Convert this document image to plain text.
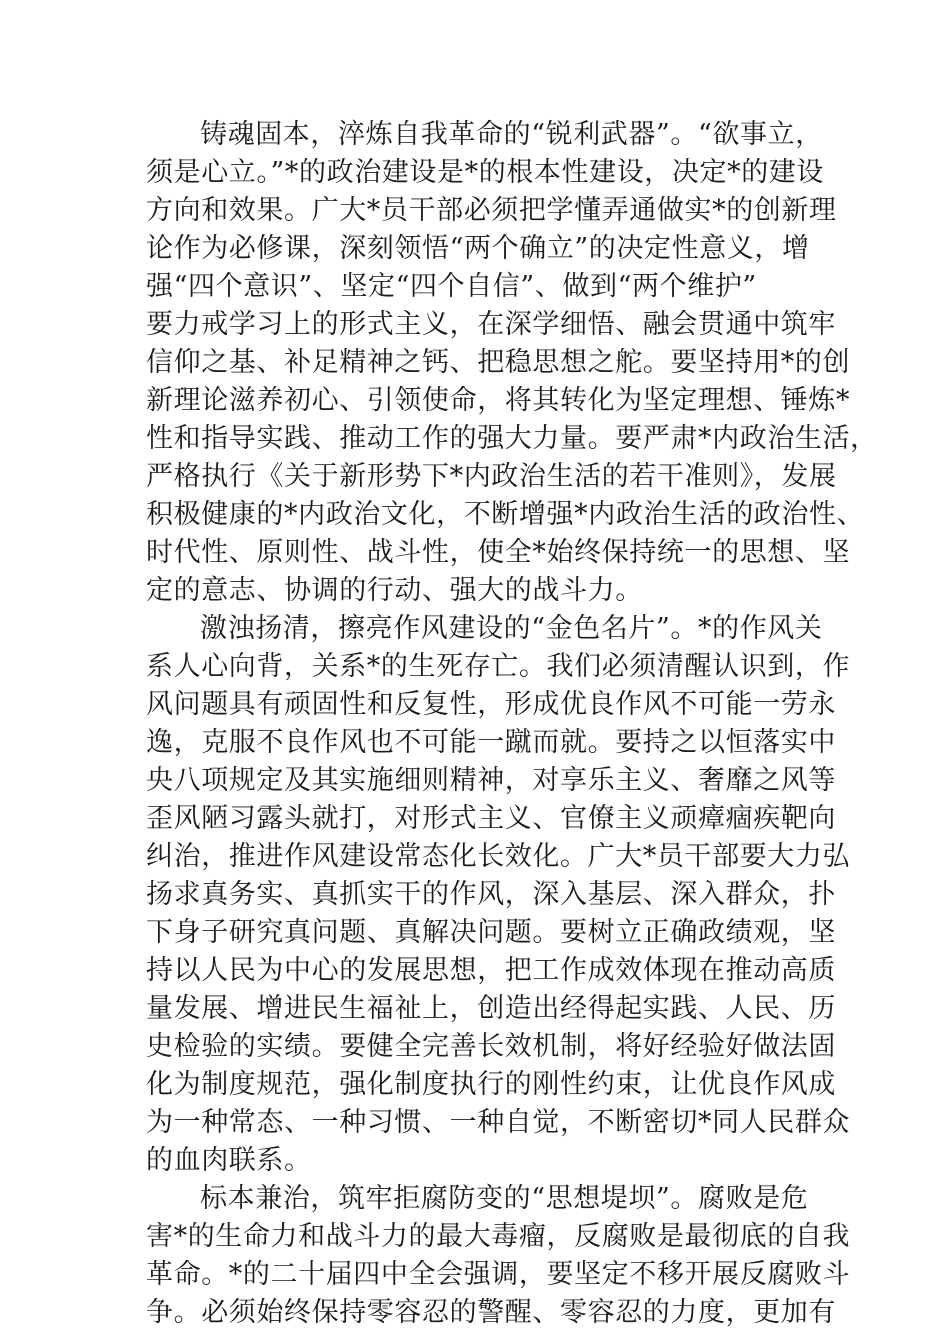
铸魂固本，淬炼自我革命的“锐利武器”。“欲事立，
须是心立。”*的政治建设是*的根本性建设，决定*的建设
方向和效果。广大*员干部必须把学懂弄通做实*的创新理
论作为必修课，深刻领悟“两个确立”的决定性意义，增
强“四个意识”、坚定“四个自信”、做到“两个维护”
要力戒学习上的形式主义，在深学细悟、融会贯通中筑牢
信仰之基、补足精神之钙、把稳思想之舵。要坚持用*的创
新理论滋养初心、引领使命，将其转化为坚定理想、锤炼*
性和指导实践、推动工作的强大力量。要严肃*内政治生活，
严格执行《关于新形势下*内政治生活的若干准则》，发展
积极健康的*内政治文化，不断增强*内政治生活的政治性、
时代性、原则性、战斗性，使全*始终保持统一的思想、坚
定的意志、协调的行动、强大的战斗力。
激浊扬清，擦亮作风建设的“金色名片”。*的作风关
系人心向背，关系*的生死存亡。我们必须清醒认识到，作
风问题具有顽固性和反复性，形成优良作风不可能一劳永
逸，克服不良作风也不可能一蹴而就。要持之以恒落实中
央八项规定及其实施细则精神，对享乐主义、奢靡之风等
歪风陋习露头就打，对形式主义、官僚主义顽瘴痼疾靶向
纠治，推进作风建设常态化长效化。广大*员干部要大力弘
扬求真务实、真抓实干的作风，深入基层、深入群众，扑
下身子研究真问题、真解决问题。要树立正确政绩观，坚
持以人民为中心的发展思想，把工作成效体现在推动高质
量发展、增进民生福祉上，创造出经得起实践、人民、历
史检验的实绩。要健全完善长效机制，将好经验好做法固
化为制度规范，强化制度执行的刚性约束，让优良作风成
为一种常态、一种习惯、一种自觉，不断密切*同人民群众
的血肉联系。
标本兼治，筑牢拒腐防变的“思想堤坝”。腐败是危
害*的生命力和战斗力的最大毒瘤，反腐败是最彻底的自我
革命。*的二十届四中全会强调，要坚定不移开展反腐败斗
争。必须始终保持零容忍的警醒、零容忍的力度，更加有
